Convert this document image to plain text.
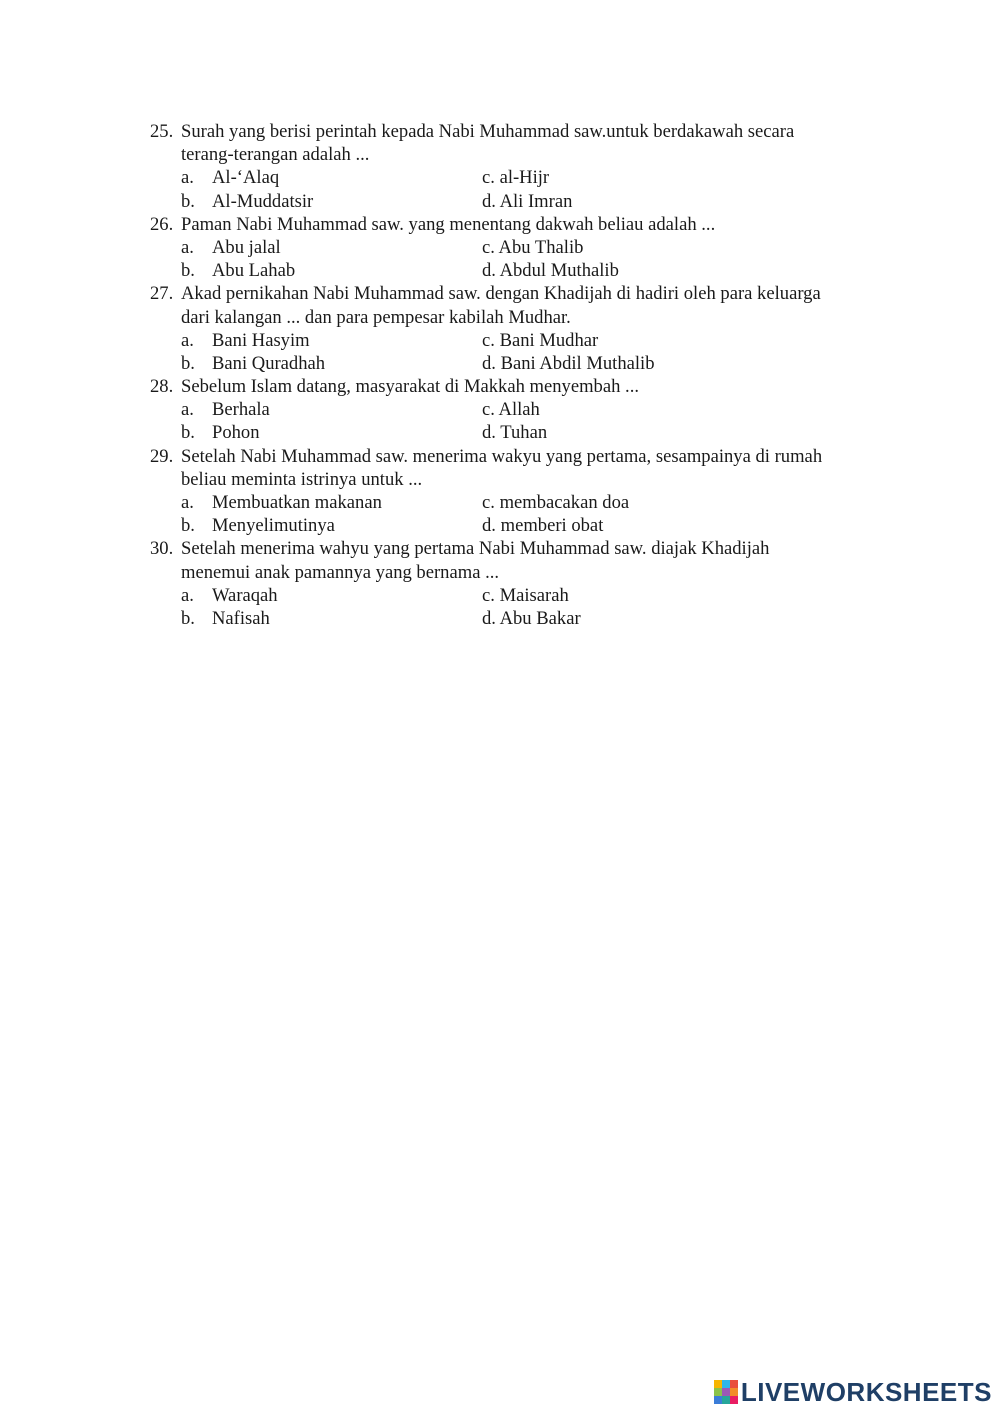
25. Surah yang berisi perintah kepada Nabi Muhammad saw.untuk berdakawah secara
terang-terangan adalah ...
a. Al-‘Alaq	c. al-Hijr
b. Al-Muddatsir	d. Ali Imran
26. Paman Nabi Muhammad saw. yang menentang dakwah beliau adalah ...
a. Abu jalal	c. Abu Thalib
b. Abu Lahab	d. Abdul Muthalib
27. Akad pernikahan Nabi Muhammad saw. dengan Khadijah di hadiri oleh para keluarga
dari kalangan ... dan para pempesar kabilah Mudhar.
a. Bani Hasyim	c. Bani Mudhar
b. Bani Quradhah	d. Bani Abdil Muthalib
28. Sebelum Islam datang, masyarakat di Makkah menyembah ...
a. Berhala	c. Allah
b. Pohon	d. Tuhan
29. Setelah Nabi Muhammad saw. menerima wakyu yang pertama, sesampainya di rumah
beliau meminta istrinya untuk ...
a. Membuatkan makanan	c. membacakan doa
b. Menyelimutinya	d. memberi obat
30. Setelah menerima wahyu yang pertama Nabi Muhammad saw. diajak Khadijah
menemui anak pamannya yang bernama ...
a. Waraqah	c. Maisarah
b. Nafisah	d. Abu Bakar
LIVEWORKSHEETS
